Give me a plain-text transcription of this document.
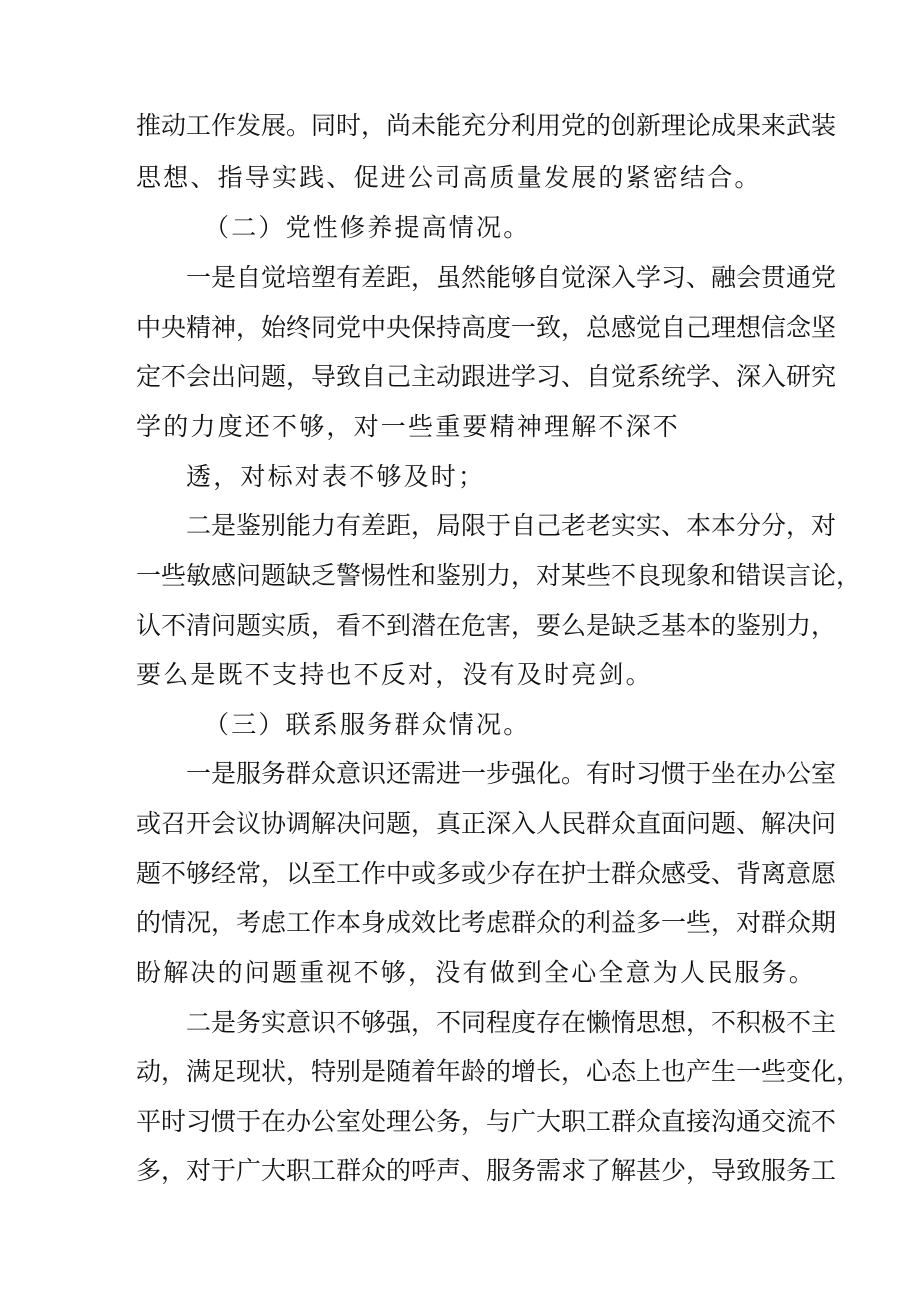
推动工作发展。同时，尚未能充分利用党的创新理论成果来武装
思想、指导实践、促进公司高质量发展的紧密结合。
（二）党性修养提高情况。
一是自觉培塑有差距，虽然能够自觉深入学习、融会贯通党
中央精神，始终同党中央保持高度一致，总感觉自己理想信念坚
定不会出问题，导致自己主动跟进学习、自觉系统学、深入研究
学的力度还不够，对一些重要精神理解不深不
透，对标对表不够及时；
二是鉴别能力有差距，局限于自己老老实实、本本分分，对
一些敏感问题缺乏警惕性和鉴别力，对某些不良现象和错误言论，
认不清问题实质，看不到潜在危害，要么是缺乏基本的鉴别力，
要么是既不支持也不反对，没有及时亮剑。
（三）联系服务群众情况。
一是服务群众意识还需进一步强化。有时习惯于坐在办公室
或召开会议协调解决问题，真正深入人民群众直面问题、解决问
题不够经常，以至工作中或多或少存在护士群众感受、背离意愿
的情况，考虑工作本身成效比考虑群众的利益多一些，对群众期
盼解决的问题重视不够，没有做到全心全意为人民服务。
二是务实意识不够强，不同程度存在懒惰思想，不积极不主
动，满足现状，特别是随着年龄的增长，心态上也产生一些变化，
平时习惯于在办公室处理公务，与广大职工群众直接沟通交流不
多，对于广大职工群众的呼声、服务需求了解甚少，导致服务工
